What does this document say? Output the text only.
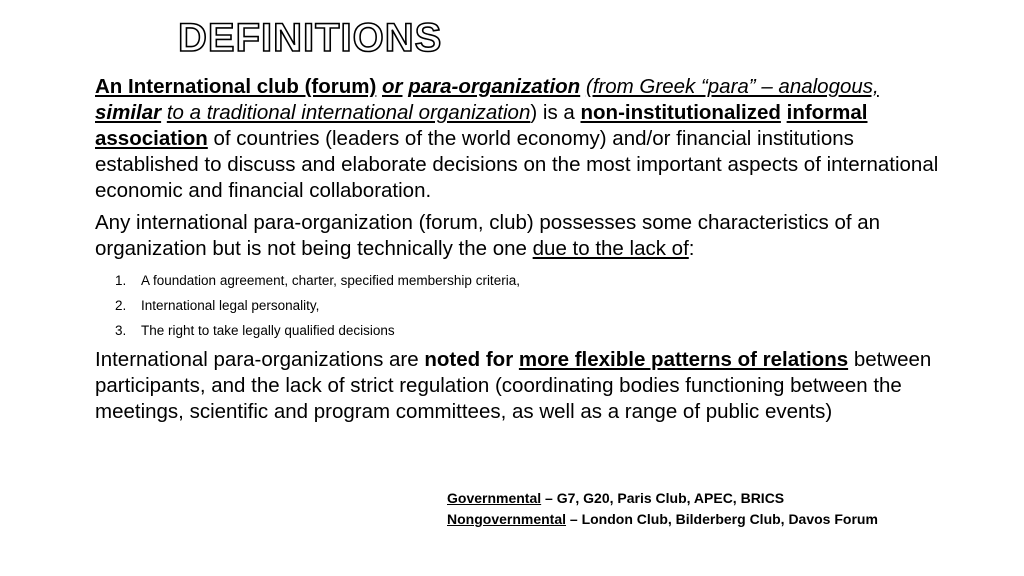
DEFINITIONS

An International club (forum) or para-organization (from Greek “para” – analogous, similar to a traditional international organization) is a non-institutionalized informal association of countries (leaders of the world economy) and/or financial institutions established to discuss and elaborate decisions on the most important aspects of international economic and financial collaboration.

Any international para-organization (forum, club) possesses some characteristics of an organization but is not being technically the one due to the lack of:

1.	A foundation agreement, charter, specified membership criteria,
2.	International legal personality,
3.	The right to take legally qualified decisions

International para-organizations are noted for more flexible patterns of relations between participants, and the lack of strict regulation (coordinating bodies functioning between the meetings, scientific and program committees, as well as a range of public events)

Governmental – G7, G20, Paris Club, APEC, BRICS
Nongovernmental – London Club, Bilderberg Club, Davos Forum
